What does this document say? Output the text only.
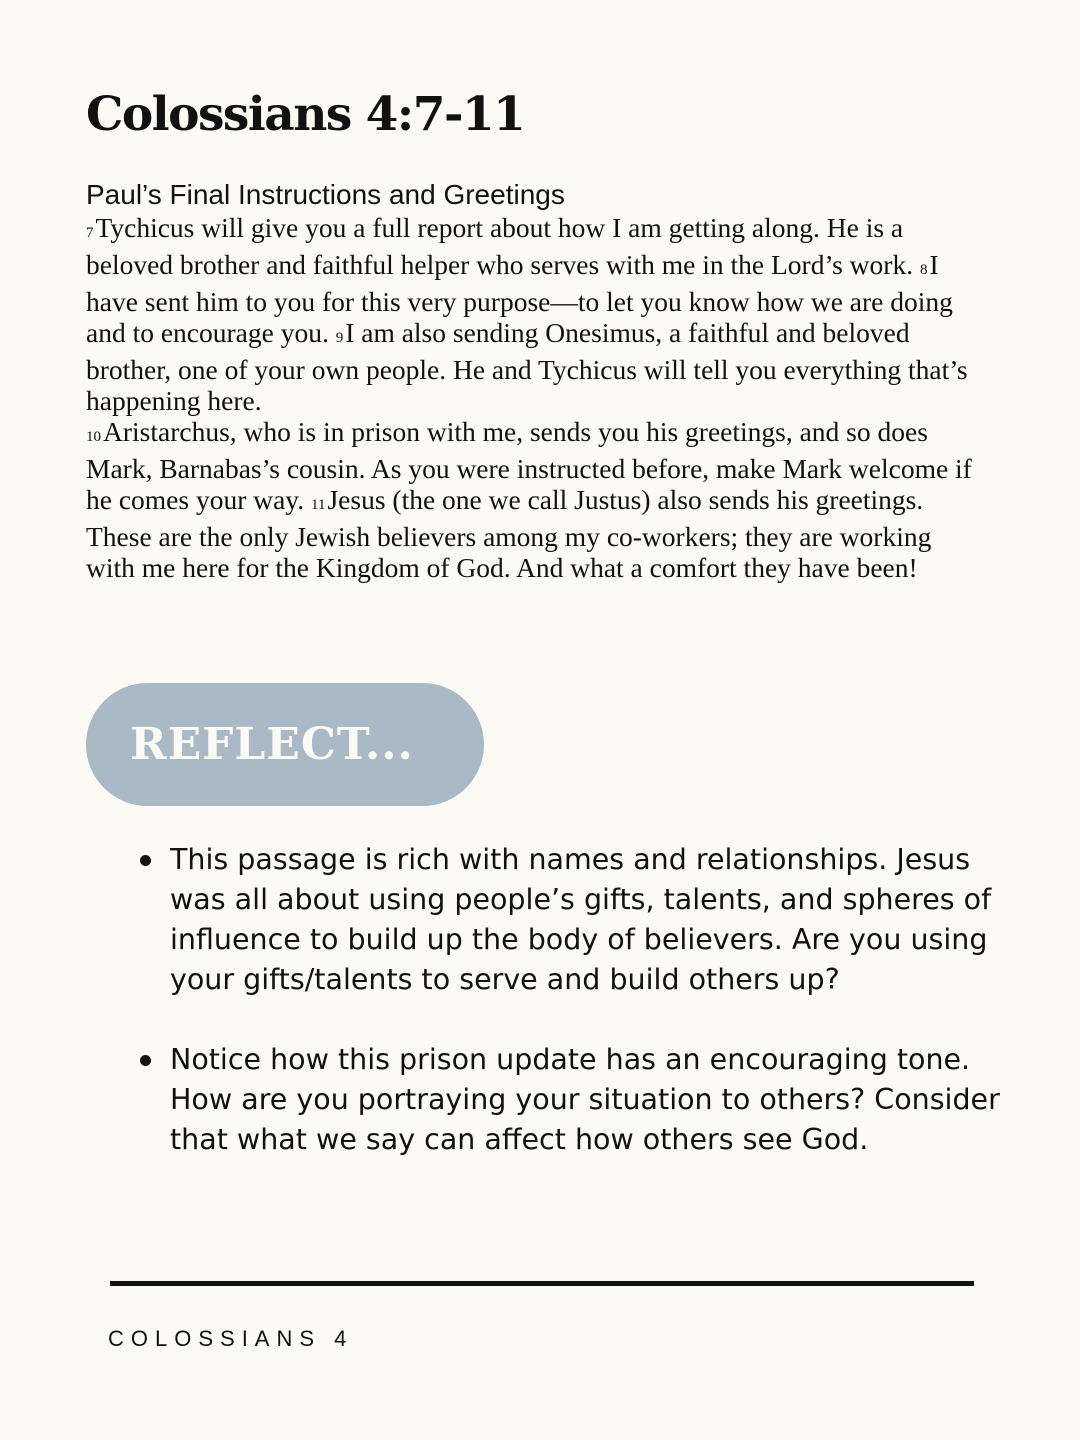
Colossians 4:7-11
Paul’s Final Instructions and Greetings

7Tychicus will give you a full report about how I am getting along. He is a beloved brother and faithful helper who serves with me in the Lord’s work. 8I have sent him to you for this very purpose—to let you know how we are doing and to encourage you. 9I am also sending Onesimus, a faithful and beloved brother, one of your own people. He and Tychicus will tell you everything that’s happening here.

10Aristarchus, who is in prison with me, sends you his greetings, and so does Mark, Barnabas’s cousin. As you were instructed before, make Mark welcome if he comes your way. 11Jesus (the one we call Justus) also sends his greetings. These are the only Jewish believers among my co-workers; they are working with me here for the Kingdom of God. And what a comfort they have been!

REFLECT...
This passage is rich with names and relationships. Jesus was all about using people’s gifts, talents, and spheres of influence to build up the body of believers. Are you using your gifts/talents to serve and build others up?
Notice how this prison update has an encouraging tone. How are you portraying your situation to others? Consider that what we say can affect how others see God.

COLOSSIANS 4
